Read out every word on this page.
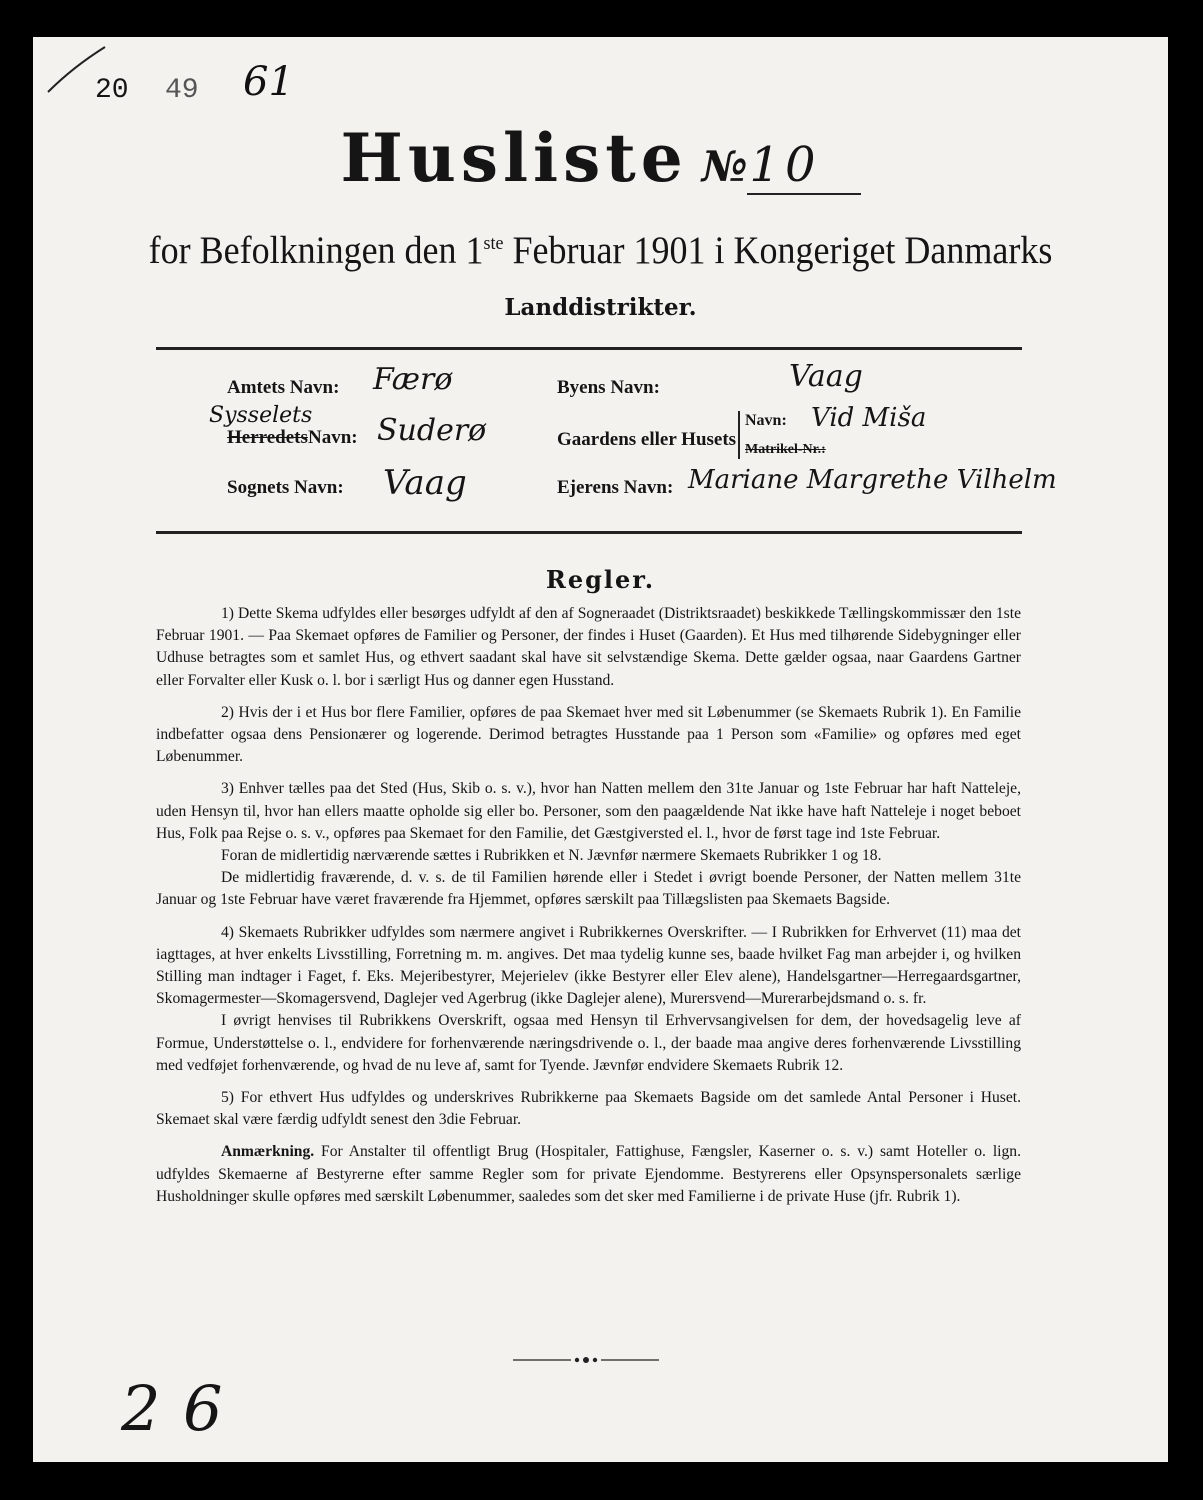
20 49 61
Husliste №10
for Befolkningen den 1ste Februar 1901 i Kongeriget Danmarks
Landdistrikter.
Amtets Navn: Færø
Sysselets
Herredets Navn: Suderø
Sognets Navn: Vaag
Byens Navn:	Vaag
Gaardens eller Husets
Navn: Vid Miša
Matrikel-Nr.:
Ejerens Navn: Mariane Margrethe Vilhelm
Regler.

1) Dette Skema udfyldes eller besørges udfyldt af den af Sogneraadet (Distriktsraadet) beskikkede Tællingskommissær den 1ste Februar 1901. — Paa Skemaet opføres de Familier og Personer, der findes i Huset (Gaarden). Et Hus med tilhørende Sidebygninger eller Udhuse betragtes som et samlet Hus, og ethvert saadant skal have sit selvstændige Skema. Dette gælder ogsaa, naar Gaardens Gartner eller Forvalter eller Kusk o. l. bor i særligt Hus og danner egen Husstand.

2) Hvis der i et Hus bor flere Familier, opføres de paa Skemaet hver med sit Løbenummer (se Skemaets Rubrik 1). En Familie indbefatter ogsaa dens Pensionærer og logerende. Derimod betragtes Husstande paa 1 Person som «Familie» og opføres med eget Løbenummer.

3) Enhver tælles paa det Sted (Hus, Skib o. s. v.), hvor han Natten mellem den 31te Januar og 1ste Februar har haft Natteleje, uden Hensyn til, hvor han ellers maatte opholde sig eller bo. Personer, som den paagældende Nat ikke have haft Natteleje i noget beboet Hus, Folk paa Rejse o. s. v., opføres paa Skemaet for den Familie, det Gæstgiversted el. l., hvor de først tage ind 1ste Februar.

Foran de midlertidig nærværende sættes i Rubrikken et N. Jævnfør nærmere Skemaets Rubrikker 1 og 18.

De midlertidig fraværende, d. v. s. de til Familien hørende eller i Stedet i øvrigt boende Personer, der Natten mellem 31te Januar og 1ste Februar have været fraværende fra Hjemmet, opføres særskilt paa Tillægslisten paa Skemaets Bagside.

4) Skemaets Rubrikker udfyldes som nærmere angivet i Rubrikkernes Overskrifter. — I Rubrikken for Erhvervet (11) maa det iagttages, at hver enkelts Livsstilling, Forretning m. m. angives. Det maa tydelig kunne ses, baade hvilket Fag man arbejder i, og hvilken Stilling man indtager i Faget, f. Eks. Mejeribestyrer, Mejerielev (ikke Bestyrer eller Elev alene), Handelsgartner—Herregaardsgartner, Skomagermester—Skomagersvend, Daglejer ved Agerbrug (ikke Daglejer alene), Murersvend—Murerarbejdsmand o. s. fr.

I øvrigt henvises til Rubrikkens Overskrift, ogsaa med Hensyn til Erhvervsangivelsen for dem, der hovedsagelig leve af Formue, Understøttelse o. l., endvidere for forhenværende næringsdrivende o. l., der baade maa angive deres forhenværende Livsstilling med vedføjet forhenværende, og hvad de nu leve af, samt for Tyende. Jævnfør endvidere Skemaets Rubrik 12.

5) For ethvert Hus udfyldes og underskrives Rubrikkerne paa Skemaets Bagside om det samlede Antal Personer i Huset. Skemaet skal være færdig udfyldt senest den 3die Februar.

Anmærkning. For Anstalter til offentligt Brug (Hospitaler, Fattighuse, Fængsler, Kaserner o. s. v.) samt Hoteller o. lign. udfyldes Skemaerne af Bestyrerne efter samme Regler som for private Ejendomme. Bestyrerens eller Opsynspersonalets særlige Husholdninger skulle opføres med særskilt Løbenummer, saaledes som det sker med Familierne i de private Huse (jfr. Rubrik 1).

2 6
